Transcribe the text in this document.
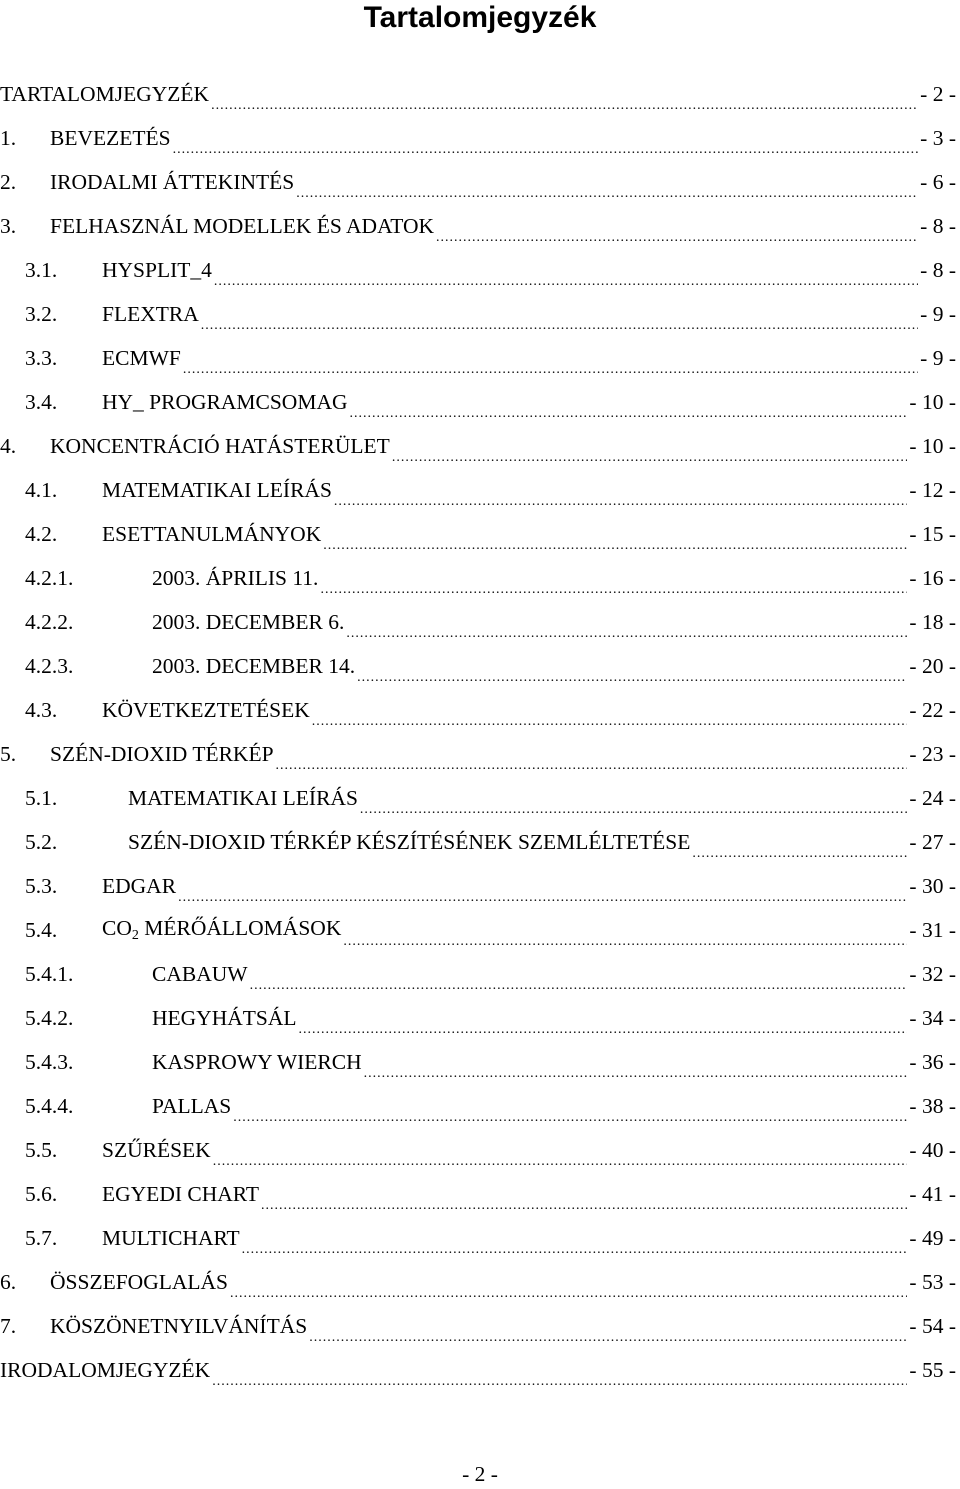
Tartalomjegyzék
TARTALOMJEGYZÉK .....	- 2 -
1.	BEVEZETÉS .....	- 3 -
2.	IRODALMI ÁTTEKINTÉS .....	- 6 -
3.	FELHASZNÁL MODELLEK ÉS ADATOK .....	- 8 -
3.1.	HYSPLIT_4 .....	- 8 -
3.2.	FLEXTRA .....	- 9 -
3.3.	ECMWF .....	- 9 -
3.4.	HY_ PROGRAMCSOMAG .....	- 10 -
4.	KONCENTRÁCIÓ HATÁSTERÜLET .....	- 10 -
4.1.	MATEMATIKAI LEÍRÁS .....	- 12 -
4.2.	ESETTANULMÁNYOK .....	- 15 -
4.2.1.	2003. ÁPRILIS 11. .....	- 16 -
4.2.2.	2003. DECEMBER 6. .....	- 18 -
4.2.3.	2003. DECEMBER 14. .....	- 20 -
4.3.	KÖVETKEZTETÉSEK .....	- 22 -
5.	SZÉN-DIOXID TÉRKÉP .....	- 23 -
5.1.	MATEMATIKAI LEÍRÁS .....	- 24 -
5.2.	SZÉN-DIOXID TÉRKÉP KÉSZÍTÉSÉNEK SZEMLÉLTETÉSE .....	- 27 -
5.3.	EDGAR .....	- 30 -
5.4.	$CO_2$ MÉRŐÁLLOMÁSOK .....	- 31 -
5.4.1.	CABAUW .....	- 32 -
5.4.2.	HEGYHÁTSÁL .....	- 34 -
5.4.3.	KASPROWY WIERCH .....	- 36 -
5.4.4.	PALLAS .....	- 38 -
5.5.	SZŰRÉSEK .....	- 40 -
5.6.	EGYEDI CHART .....	- 41 -
5.7.	MULTICHART .....	- 49 -
6.	ÖSSZEFOGLALÁS .....	- 53 -
7.	KÖSZÖNETNYILVÁNÍTÁS .....	- 54 -
IRODALOMJEGYZÉK .....	- 55 -
- 2 -
